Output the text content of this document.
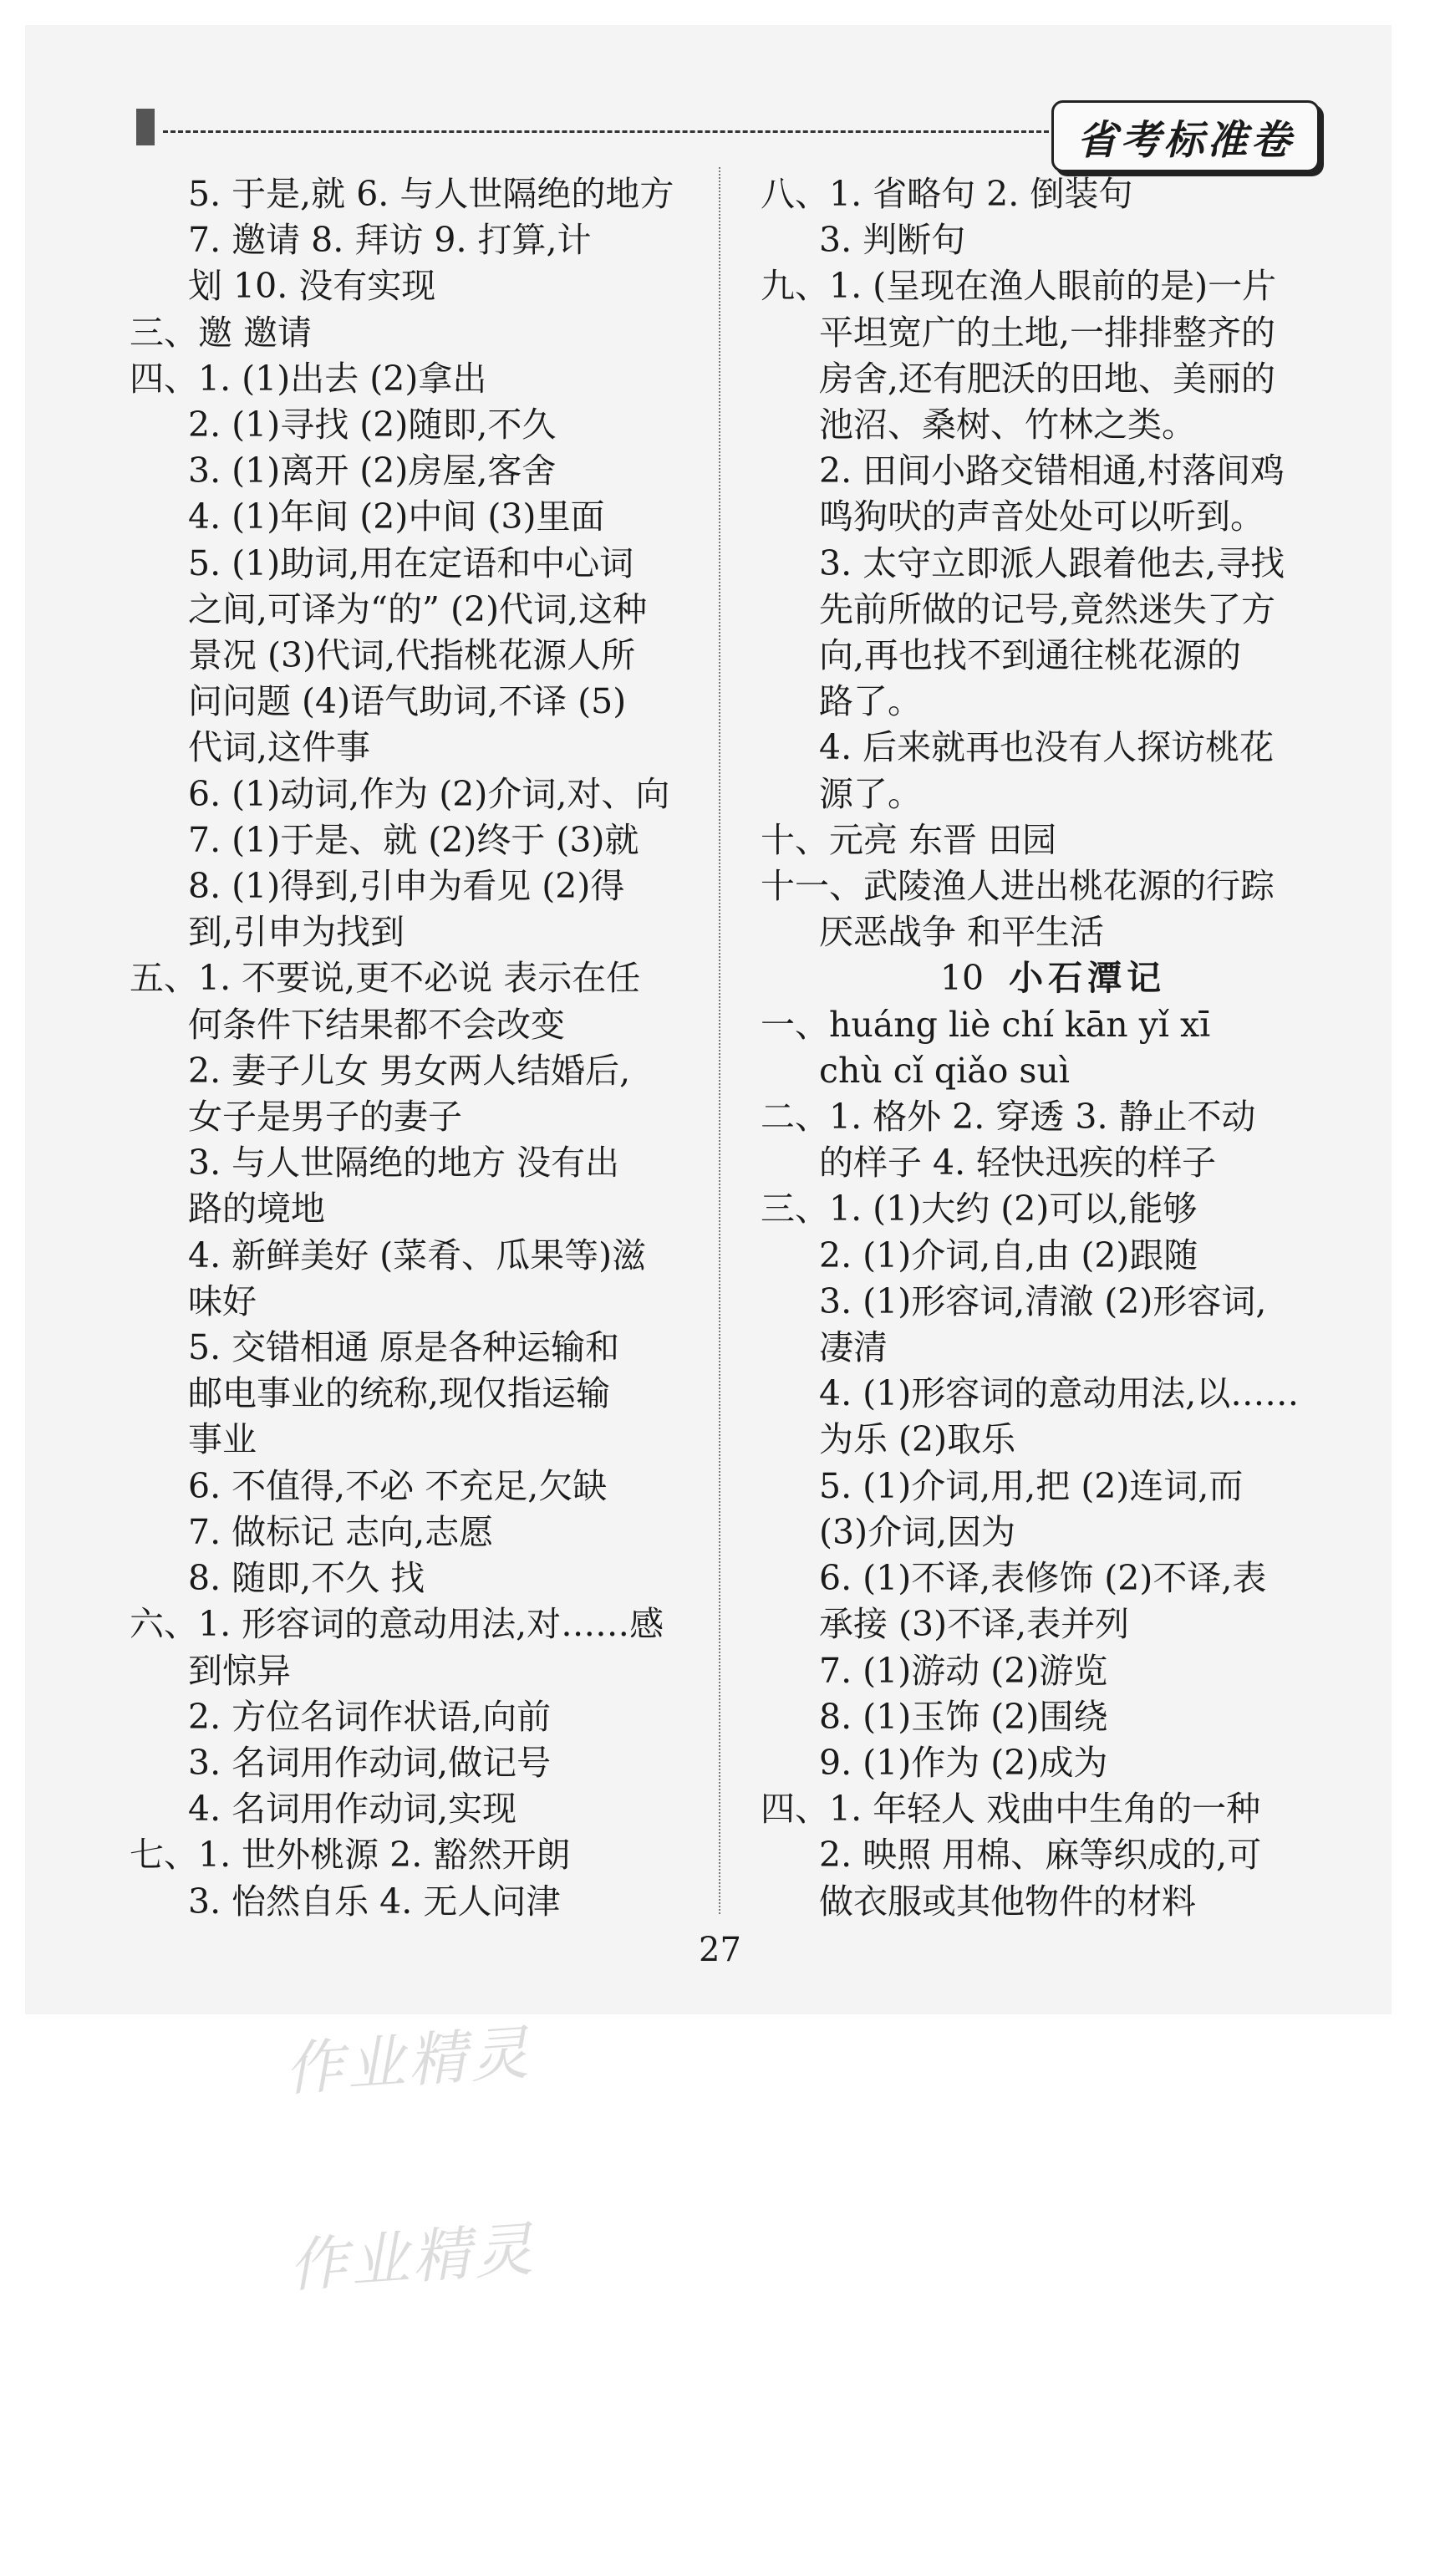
省考标准卷
5. 于是,就 6. 与人世隔绝的地方
7. 邀请 8. 拜访 9. 打算,计
划 10. 没有实现
三、邀 邀请
四、1. (1)出去 (2)拿出
2. (1)寻找 (2)随即,不久
3. (1)离开 (2)房屋,客舍
4. (1)年间 (2)中间 (3)里面
5. (1)助词,用在定语和中心词
之间,可译为“的” (2)代词,这种
景况 (3)代词,代指桃花源人所
问问题 (4)语气助词,不译 (5)
代词,这件事
6. (1)动词,作为 (2)介词,对、向
7. (1)于是、就 (2)终于 (3)就
8. (1)得到,引申为看见 (2)得
到,引申为找到
五、1. 不要说,更不必说 表示在任
何条件下结果都不会改变
2. 妻子儿女 男女两人结婚后,
女子是男子的妻子
3. 与人世隔绝的地方 没有出
路的境地
4. 新鲜美好 (菜肴、瓜果等)滋
味好
5. 交错相通 原是各种运输和
邮电事业的统称,现仅指运输
事业
6. 不值得,不必 不充足,欠缺
7. 做标记 志向,志愿
8. 随即,不久 找
六、1. 形容词的意动用法,对……感
到惊异
2. 方位名词作状语,向前
3. 名词用作动词,做记号
4. 名词用作动词,实现
七、1. 世外桃源 2. 豁然开朗
3. 怡然自乐 4. 无人问津
八、1. 省略句 2. 倒装句
3. 判断句
九、1. (呈现在渔人眼前的是)一片
平坦宽广的土地,一排排整齐的
房舍,还有肥沃的田地、美丽的
池沼、桑树、竹林之类。
2. 田间小路交错相通,村落间鸡
鸣狗吠的声音处处可以听到。
3. 太守立即派人跟着他去,寻找
先前所做的记号,竟然迷失了方
向,再也找不到通往桃花源的
路了。
4. 后来就再也没有人探访桃花
源了。
十、元亮 东晋 田园
十一、武陵渔人进出桃花源的行踪
厌恶战争 和平生活
10 小石潭记
一、huáng liè chí kān yǐ xī
chù cǐ qiǎo suì
二、1. 格外 2. 穿透 3. 静止不动
的样子 4. 轻快迅疾的样子
三、1. (1)大约 (2)可以,能够
2. (1)介词,自,由 (2)跟随
3. (1)形容词,清澈 (2)形容词,
凄清
4. (1)形容词的意动用法,以……
为乐 (2)取乐
5. (1)介词,用,把 (2)连词,而
(3)介词,因为
6. (1)不译,表修饰 (2)不译,表
承接 (3)不译,表并列
7. (1)游动 (2)游览
8. (1)玉饰 (2)围绕
9. (1)作为 (2)成为
四、1. 年轻人 戏曲中生角的一种
2. 映照 用棉、麻等织成的,可
做衣服或其他物件的材料
27
作业精灵
作业精灵
